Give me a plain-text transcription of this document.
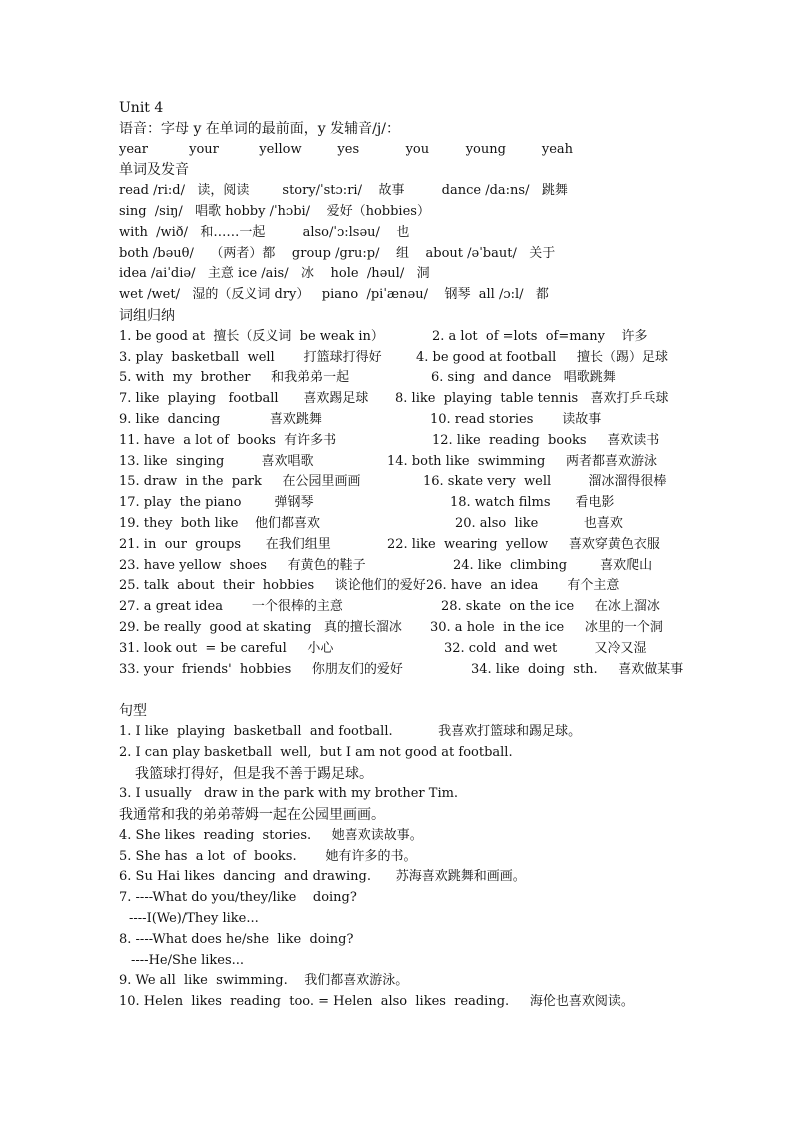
Unit 4
语音：字母 y 在单词的最前面，y 发辅音/j/：
year	your	yellow	yes	you	young	yeah
单词及发音
read /ri:d/   读，阅读        story/ˈstɔ:ri/    故事         dance /da:ns/   跳舞
sing  /siŋ/   唱歌 hobby /ˈhɔbi/    爱好（hobbies）
with  /wið/   和……一起         also/ˈɔ:lsəu/    也
both /bəuθ/    （两者）都    group /gru:p/    组    about /əˈbaut/   关于
idea /aiˈdiə/   主意 ice /ais/   冰    hole  /həul/   洞
wet /wet/   湿的（反义词 dry）   piano  /piˈænəu/    钢琴  all /ɔ:l/   都
词组归纳
1. be good at  擅长（反义词  be weak in）	2. a lot  of =lots  of=many    许多
3. play  basketball  well       打篮球打得好	4. be good at football     擅长（踢）足球
5. with  my  brother     和我弟弟一起	6. sing  and dance   唱歌跳舞
7. like  playing   football      喜欢踢足球 8. like  playing  table tennis   喜欢打乒乓球
9. like  dancing            喜欢跳舞	10. read stories       读故事
11. have  a lot of  books  有许多书	12. like  reading  books     喜欢读书
13. like  singing         喜欢唱歌	14. both like  swimming     两者都喜欢游泳
15. draw  in the  park     在公园里画画	16. skate very  well         溜冰溜得很棒
17. play  the piano        弹钢琴	18. watch films      看电影
19. they  both like    他们都喜欢	20. also  like           也喜欢
21. in  our  groups      在我们组里	22. like  wearing  yellow     喜欢穿黄色衣服
23. have yellow  shoes     有黄色的鞋子	24. like  climbing        喜欢爬山
25. talk  about  their  hobbies     谈论他们的爱好 26. have  an idea       有个主意
27. a great idea       一个很棒的主意	28. skate  on the ice     在冰上溜冰
29. be really  good at skating   真的擅长溜冰 30. a hole  in the ice     冰里的一个洞
31. look out  = be careful     小心	32. cold  and wet         又冷又湿
33. your  friends'  hobbies     你朋友们的爱好	34. like  doing  sth.     喜欢做某事
句型
1. I like  playing  basketball  and football.           我喜欢打篮球和踢足球。
2. I can play basketball  well,  but I am not good at football.
我篮球打得好，但是我不善于踢足球。
3. I usually   draw in the park with my brother Tim.
我通常和我的弟弟蒂姆一起在公园里画画。
4. She likes  reading  stories.     她喜欢读故事。
5. She has  a lot  of  books.       她有许多的书。
6. Su Hai likes  dancing  and drawing.      苏海喜欢跳舞和画画。
7. ----What do you/they/like    doing?
----I(We)/They like...
8. ----What does he/she  like  doing?
----He/She likes...
9. We all  like  swimming.    我们都喜欢游泳。
10. Helen  likes  reading  too. = Helen  also  likes  reading.     海伦也喜欢阅读。
